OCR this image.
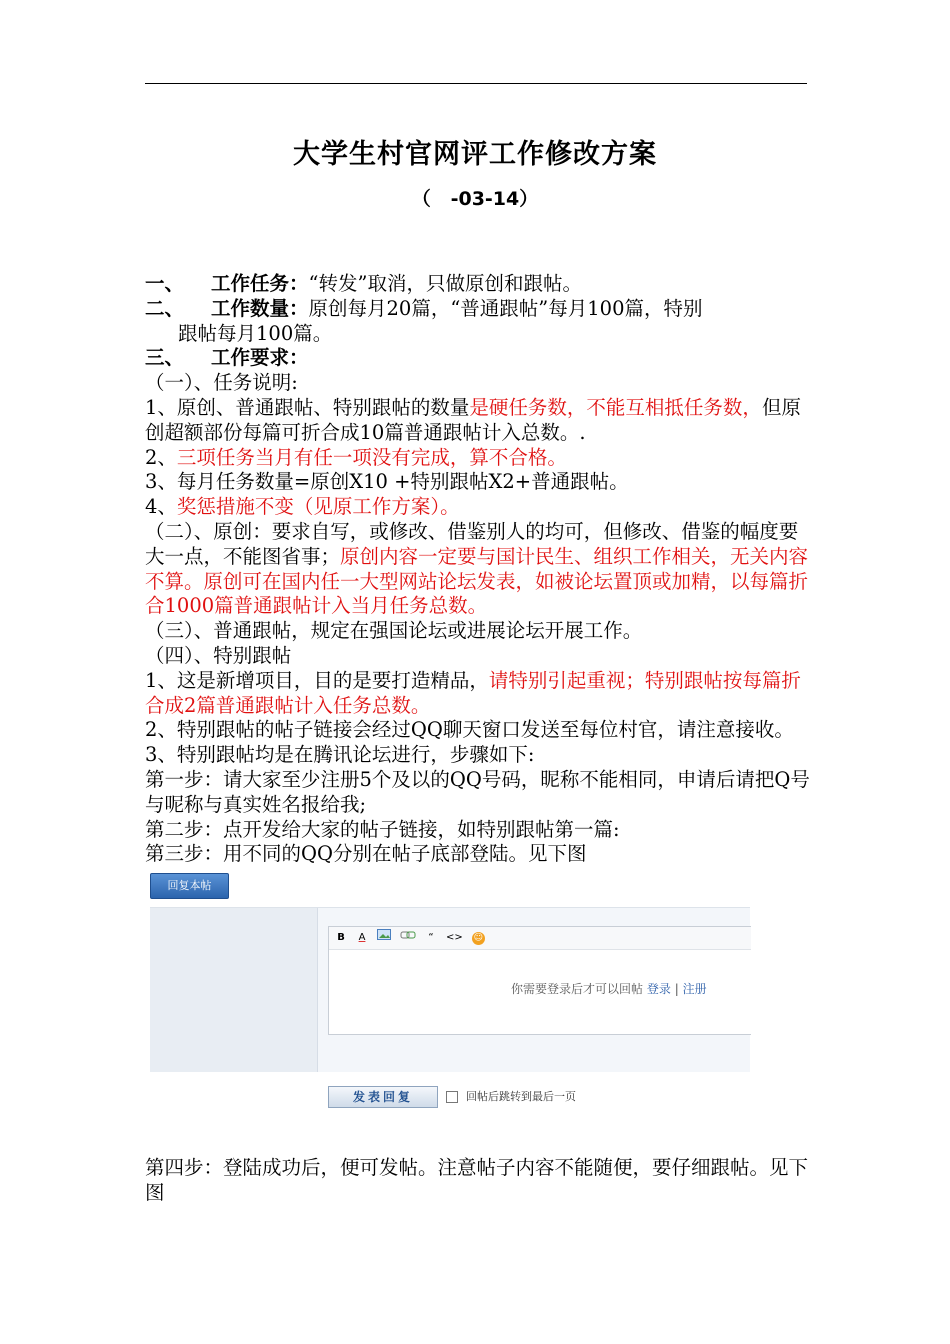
大学生村官网评工作修改方案
（   -03-14）

一、 工作任务：“转发”取消，只做原创和跟帖。

二、 工作数量：原创每月20篇，“普通跟帖”每月100篇，特别

跟帖每月100篇。

三、 工作要求：

（一）、任务说明:

1、原创、普通跟帖、特别跟帖的数量是硬任务数，不能互相抵任务数，但原创超额部份每篇可折合成10篇普通跟帖计入总数。.

2、三项任务当月有任一项没有完成，算不合格。

3、每月任务数量=原创X10 +特别跟帖X2+普通跟帖。

4、奖惩措施不变（见原工作方案）。

（二）、原创：要求自写，或修改、借鉴别人的均可，但修改、借鉴的幅度要大一点，不能图省事；原创内容一定要与国计民生、组织工作相关，无关内容不算。原创可在国内任一大型网站论坛发表，如被论坛置顶或加精，以每篇折合1000篇普通跟帖计入当月任务总数。

（三）、普通跟帖，规定在强国论坛或进展论坛开展工作。

（四）、特别跟帖

1、这是新增项目，目的是要打造精品，请特别引起重视；特别跟帖按每篇折合成2篇普通跟帖计入任务总数。

2、特别跟帖的帖子链接会经过QQ聊天窗口发送至每位村官，请注意接收。

3、特别跟帖均是在腾讯论坛进行，步骤如下:

第一步：请大家至少注册5个及以的QQ号码，昵称不能相同，申请后请把Q号与呢称与真实姓名报给我;

第二步：点开发给大家的帖子链接，如特别跟帖第一篇:

第三步：用不同的QQ分别在帖子底部登陆。见下图

回复本帖
B A	“	<> ☺
你需要登录后才可以回帖 登录 | 注册
发表回复	回帖后跳转到最后一页

第四步：登陆成功后，便可发帖。注意帖子内容不能随便，要仔细跟帖。见下图
